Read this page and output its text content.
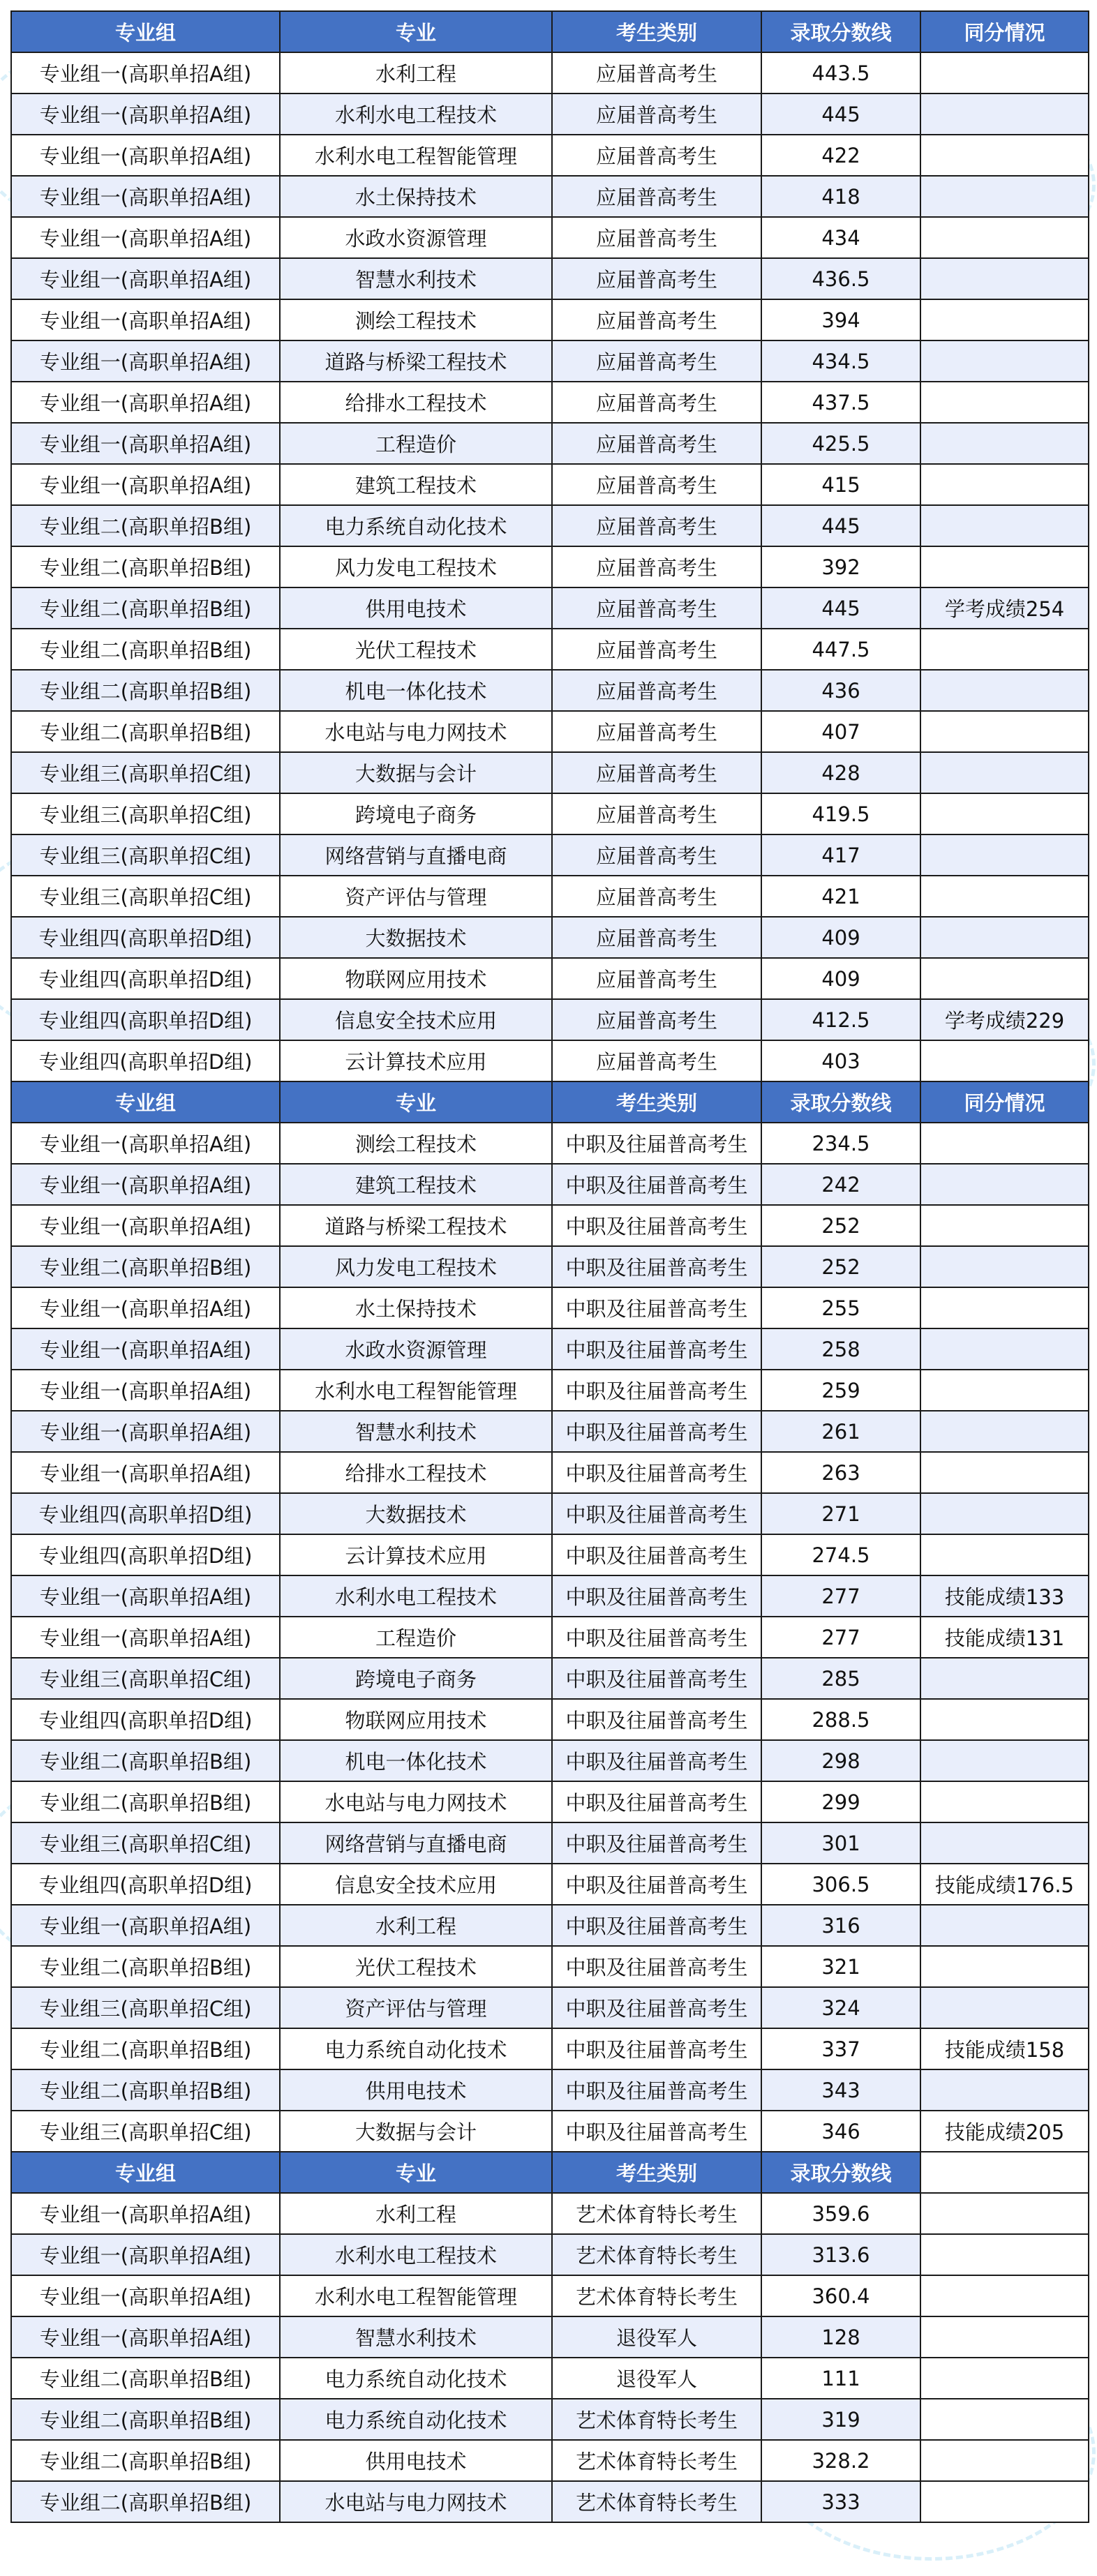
专业组	专业	考生类别	录取分数线	同分情况
专业组一(高职单招A组)	水利工程	应届普高考生	443.5	
专业组一(高职单招A组)	水利水电工程技术	应届普高考生	445	
专业组一(高职单招A组)	水利水电工程智能管理	应届普高考生	422	
专业组一(高职单招A组)	水土保持技术	应届普高考生	418	
专业组一(高职单招A组)	水政水资源管理	应届普高考生	434	
专业组一(高职单招A组)	智慧水利技术	应届普高考生	436.5	
专业组一(高职单招A组)	测绘工程技术	应届普高考生	394	
专业组一(高职单招A组)	道路与桥梁工程技术	应届普高考生	434.5	
专业组一(高职单招A组)	给排水工程技术	应届普高考生	437.5	
专业组一(高职单招A组)	工程造价	应届普高考生	425.5	
专业组一(高职单招A组)	建筑工程技术	应届普高考生	415	
专业组二(高职单招B组)	电力系统自动化技术	应届普高考生	445	
专业组二(高职单招B组)	风力发电工程技术	应届普高考生	392	
专业组二(高职单招B组)	供用电技术	应届普高考生	445	学考成绩254
专业组二(高职单招B组)	光伏工程技术	应届普高考生	447.5	
专业组二(高职单招B组)	机电一体化技术	应届普高考生	436	
专业组二(高职单招B组)	水电站与电力网技术	应届普高考生	407	
专业组三(高职单招C组)	大数据与会计	应届普高考生	428	
专业组三(高职单招C组)	跨境电子商务	应届普高考生	419.5	
专业组三(高职单招C组)	网络营销与直播电商	应届普高考生	417	
专业组三(高职单招C组)	资产评估与管理	应届普高考生	421	
专业组四(高职单招D组)	大数据技术	应届普高考生	409	
专业组四(高职单招D组)	物联网应用技术	应届普高考生	409	
专业组四(高职单招D组)	信息安全技术应用	应届普高考生	412.5	学考成绩229
专业组四(高职单招D组)	云计算技术应用	应届普高考生	403	
专业组	专业	考生类别	录取分数线	同分情况
专业组一(高职单招A组)	测绘工程技术	中职及往届普高考生	234.5	
专业组一(高职单招A组)	建筑工程技术	中职及往届普高考生	242	
专业组一(高职单招A组)	道路与桥梁工程技术	中职及往届普高考生	252	
专业组二(高职单招B组)	风力发电工程技术	中职及往届普高考生	252	
专业组一(高职单招A组)	水土保持技术	中职及往届普高考生	255	
专业组一(高职单招A组)	水政水资源管理	中职及往届普高考生	258	
专业组一(高职单招A组)	水利水电工程智能管理	中职及往届普高考生	259	
专业组一(高职单招A组)	智慧水利技术	中职及往届普高考生	261	
专业组一(高职单招A组)	给排水工程技术	中职及往届普高考生	263	
专业组四(高职单招D组)	大数据技术	中职及往届普高考生	271	
专业组四(高职单招D组)	云计算技术应用	中职及往届普高考生	274.5	
专业组一(高职单招A组)	水利水电工程技术	中职及往届普高考生	277	技能成绩133
专业组一(高职单招A组)	工程造价	中职及往届普高考生	277	技能成绩131
专业组三(高职单招C组)	跨境电子商务	中职及往届普高考生	285	
专业组四(高职单招D组)	物联网应用技术	中职及往届普高考生	288.5	
专业组二(高职单招B组)	机电一体化技术	中职及往届普高考生	298	
专业组二(高职单招B组)	水电站与电力网技术	中职及往届普高考生	299	
专业组三(高职单招C组)	网络营销与直播电商	中职及往届普高考生	301	
专业组四(高职单招D组)	信息安全技术应用	中职及往届普高考生	306.5	技能成绩176.5
专业组一(高职单招A组)	水利工程	中职及往届普高考生	316	
专业组二(高职单招B组)	光伏工程技术	中职及往届普高考生	321	
专业组三(高职单招C组)	资产评估与管理	中职及往届普高考生	324	
专业组二(高职单招B组)	电力系统自动化技术	中职及往届普高考生	337	技能成绩158
专业组二(高职单招B组)	供用电技术	中职及往届普高考生	343	
专业组三(高职单招C组)	大数据与会计	中职及往届普高考生	346	技能成绩205
专业组	专业	考生类别	录取分数线	
专业组一(高职单招A组)	水利工程	艺术体育特长考生	359.6	
专业组一(高职单招A组)	水利水电工程技术	艺术体育特长考生	313.6	
专业组一(高职单招A组)	水利水电工程智能管理	艺术体育特长考生	360.4	
专业组一(高职单招A组)	智慧水利技术	退役军人	128	
专业组二(高职单招B组)	电力系统自动化技术	退役军人	111	
专业组二(高职单招B组)	电力系统自动化技术	艺术体育特长考生	319	
专业组二(高职单招B组)	供用电技术	艺术体育特长考生	328.2	
专业组二(高职单招B组)	水电站与电力网技术	艺术体育特长考生	333	
